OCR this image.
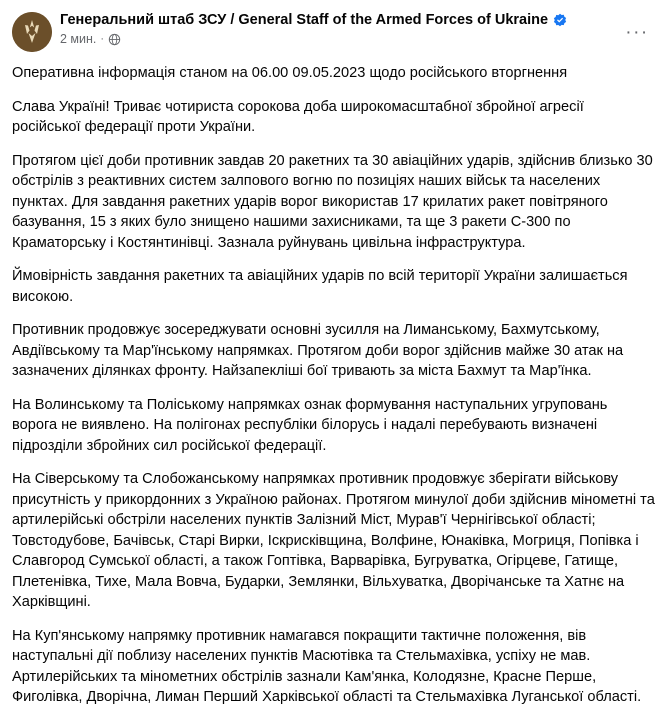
Генеральний штаб ЗСУ / General Staff of the Armed Forces of Ukraine
2 мин. ·	···

Оперативна інформація станом на 06.00 09.05.2023 щодо російського вторгнення

Слава Україні! Триває чотириста сорокова доба широкомасштабної збройної агресії російської федерації проти України.

Протягом цієї доби противник завдав 20 ракетних та 30 авіаційних ударів, здійснив близько 30 обстрілів з реактивних систем залпового вогню по позиціях наших військ та населених пунктах. Для завдання ракетних ударів ворог використав 17 крилатих ракет повітряного базування, 15 з яких було знищено нашими захисниками, та ще 3 ракети С-300 по Краматорську і Костянтинівці. Зазнала руйнувань цивільна інфраструктура.

Ймовірність завдання ракетних та авіаційних ударів по всій території України залишається високою.

Противник продовжує зосереджувати основні зусилля на Лиманському, Бахмутському, Авдіївському та Мар'їнському напрямках. Протягом доби ворог здійснив майже 30 атак на зазначених ділянках фронту. Найзапекліші бої тривають за міста Бахмут та Мар'їнка.

На Волинському та Поліському напрямках ознак формування наступальних угруповань ворога не виявлено. На полігонах республіки білорусь і надалі перебувають визначені підрозділи збройних сил російської федерації.

На Сіверському та Слобожанському напрямках противник продовжує зберігати військову присутність у прикордонних з Україною районах. Протягом минулої доби здійснив мінометні та артилерійські обстріли населених пунктів Залізний Міст, Мурав'ї Чернігівської області; Товстодубове, Бачівськ, Старі Вирки, Іскрисківщина, Волфине, Юнаківка, Могриця, Попівка і Славгород Сумської області, а також Гоптівка, Варварівка, Бугруватка, Огірцеве, Гатище, Плетенівка, Тихе, Мала Вовча, Бударки, Землянки, Вільхуватка, Дворічанське та Хатнє на Харківщині.

На Куп'янському напрямку противник намагався покращити тактичне положення, вів наступальні дії поблизу населених пунктів Масютівка та Стельмахівка, успіху не мав. Артилерійських та мінометних обстрілів зазнали Кам'янка, Колодязне, Красне Перше, Фиголівка, Дворічна, Лиман Перший Харківської області та Стельмахівка Луганської області.
